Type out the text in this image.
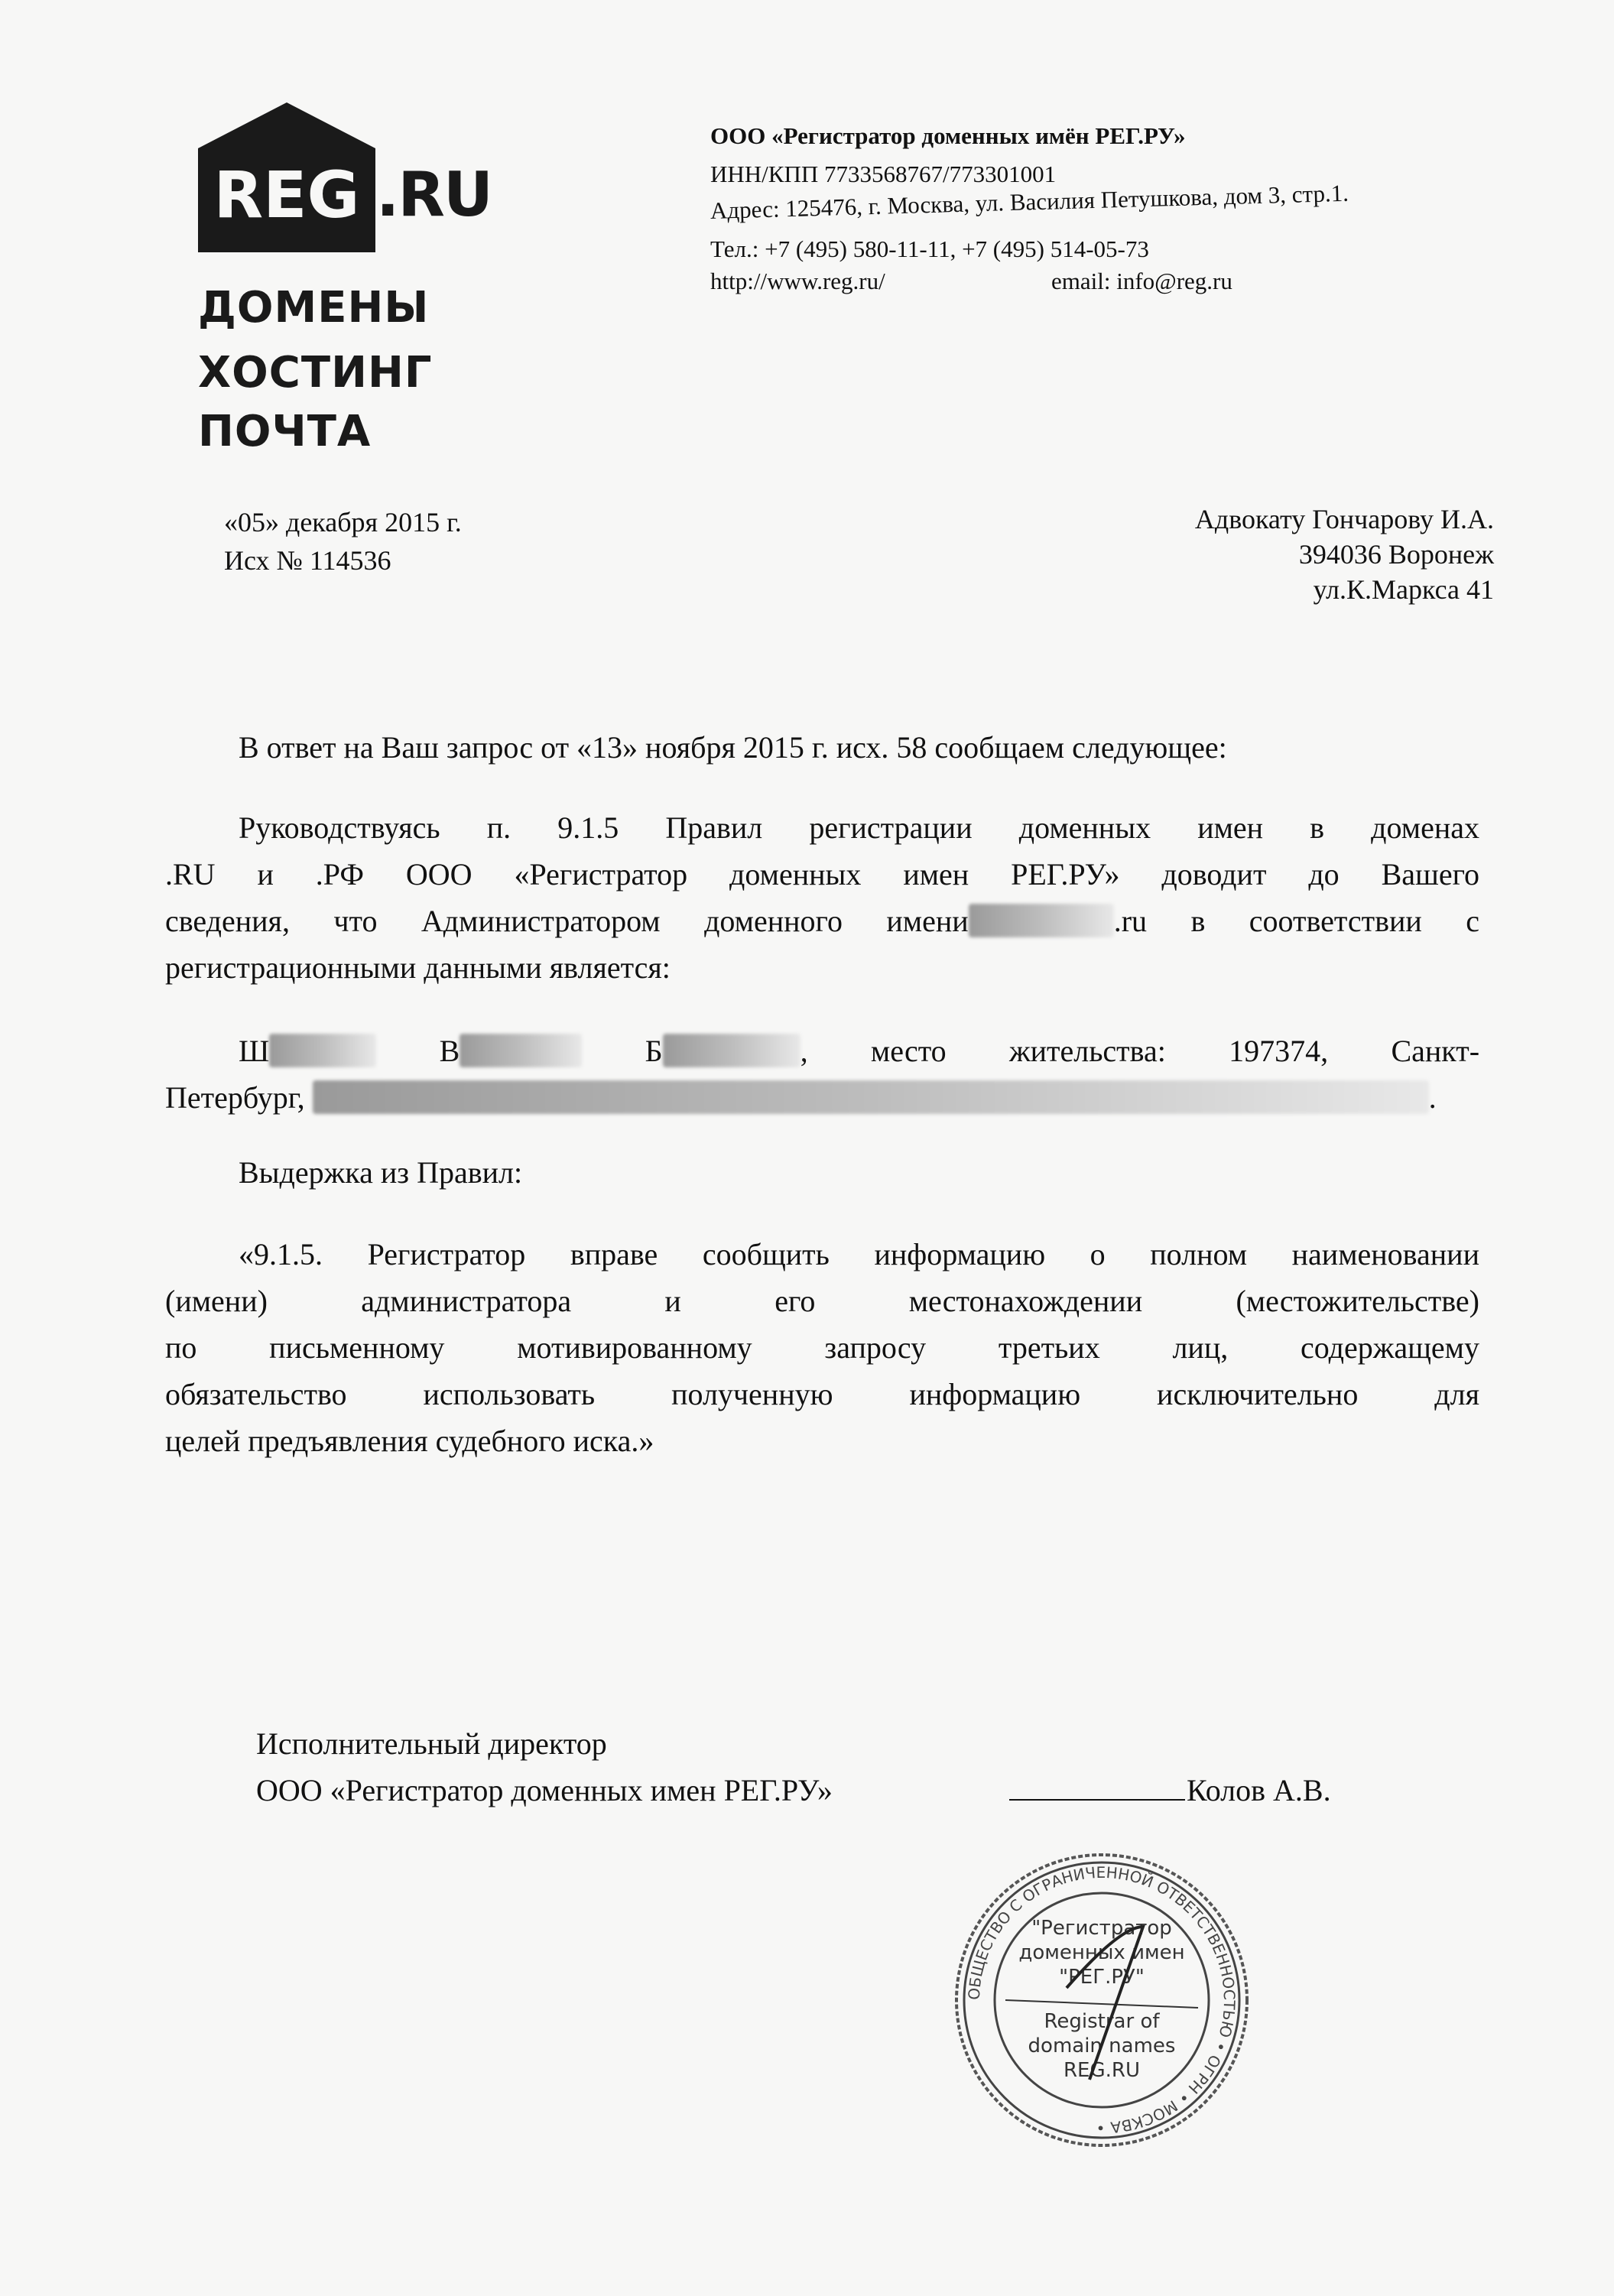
REG .RU
ДОМЕНЫ
ХОСТИНГ
ПОЧТА
ООО «Регистратор доменных имён РЕГ.РУ»
ИНН/КПП 7733568767/773301001
Адрес: 125476, г. Москва, ул. Василия Петушкова, дом 3, стр.1.
Тел.: +7 (495) 580-11-11, +7 (495) 514-05-73
http://www.reg.ru/	email: info@reg.ru
«05» декабря 2015 г.
Исх № 114536
Адвокату Гончарову И.А.
394036 Воронеж
ул.К.Маркса 41
В ответ на Ваш запрос от «13» ноября 2015 г. исх. 58 сообщаем следующее:
Руководствуясь п. 9.1.5 Правил регистрации доменных имен в доменах
.RU и .РФ ООО «Регистратор доменных имен РЕГ.РУ» доводит до Вашего
сведения, что Администратором доменного имени	.ru в соответствии с
регистрационными данными является:
Ш	В	Б	, место жительства: 197374, Санкт-
Петербург,	.
Выдержка из Правил:
«9.1.5. Регистратор вправе сообщить информацию о полном наименовании
(имени) администратора и его местонахождении (местожительстве)
по письменному мотивированному запросу третьих лиц, содержащему
обязательство использовать полученную информацию исключительно для
целей предъявления судебного иска.»
Исполнительный директор
ООО «Регистратор доменных имен РЕГ.РУ»	Колов А.В.
ОБЩЕСТВО С ОГРАНИЧЕННОЙ ОТВЕТСТВЕННОСТЬЮ • ОГРН • МОСКВА •
"Регистратор
доменных имен
"РЕГ.РУ"
Registrar of
domain names
REG.RU
